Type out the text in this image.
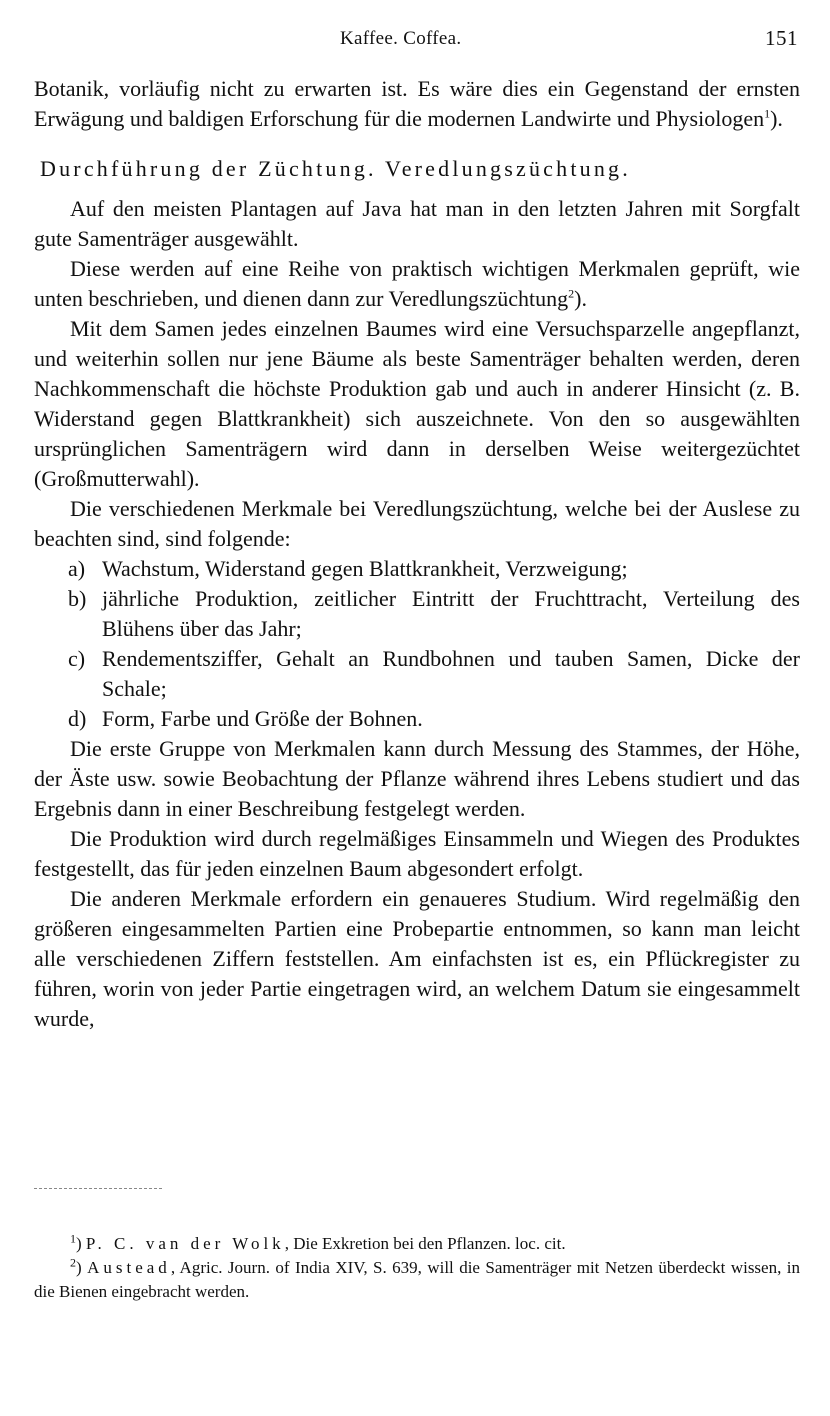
Kaffee. Coffea.	151

Botanik, vorläufig nicht zu erwarten ist. Es wäre dies ein Gegenstand der ernsten Erwägung und baldigen Erforschung für die modernen Landwirte und Physiologen$^1$).

Durchführung der Züchtung. Veredlungszüchtung.

Auf den meisten Plantagen auf Java hat man in den letzten Jahren mit Sorgfalt gute Samenträger ausgewählt.

Diese werden auf eine Reihe von praktisch wichtigen Merkmalen geprüft, wie unten beschrieben, und dienen dann zur Veredlungszüchtung$^2$).

Mit dem Samen jedes einzelnen Baumes wird eine Versuchsparzelle angepflanzt, und weiterhin sollen nur jene Bäume als beste Samenträger behalten werden, deren Nachkommenschaft die höchste Produktion gab und auch in anderer Hinsicht (z. B. Widerstand gegen Blattkrankheit) sich auszeichnete. Von den so ausgewählten ursprünglichen Samenträgern wird dann in derselben Weise weitergezüchtet (Großmutterwahl).

Die verschiedenen Merkmale bei Veredlungszüchtung, welche bei der Auslese zu beachten sind, sind folgende:

a) Wachstum, Widerstand gegen Blattkrankheit, Verzweigung;
b) jährliche Produktion, zeitlicher Eintritt der Fruchttracht, Verteilung des Blühens über das Jahr;
c) Rendementsziffer, Gehalt an Rundbohnen und tauben Samen, Dicke der Schale;
d) Form, Farbe und Größe der Bohnen.

Die erste Gruppe von Merkmalen kann durch Messung des Stammes, der Höhe, der Äste usw. sowie Beobachtung der Pflanze während ihres Lebens studiert und das Ergebnis dann in einer Beschreibung festgelegt werden.

Die Produktion wird durch regelmäßiges Einsammeln und Wiegen des Produktes festgestellt, das für jeden einzelnen Baum abgesondert erfolgt.

Die anderen Merkmale erfordern ein genaueres Studium. Wird regelmäßig den größeren eingesammelten Partien eine Probepartie entnommen, so kann man leicht alle verschiedenen Ziffern feststellen. Am einfachsten ist es, ein Pflückregister zu führen, worin von jeder Partie eingetragen wird, an welchem Datum sie eingesammelt wurde,

$^1$) P. C. van der Wolk, Die Exkretion bei den Pflanzen. loc. cit.

$^2$) Austead, Agric. Journ. of India XIV, S. 639, will die Samenträger mit Netzen überdeckt wissen, in die Bienen eingebracht werden.
